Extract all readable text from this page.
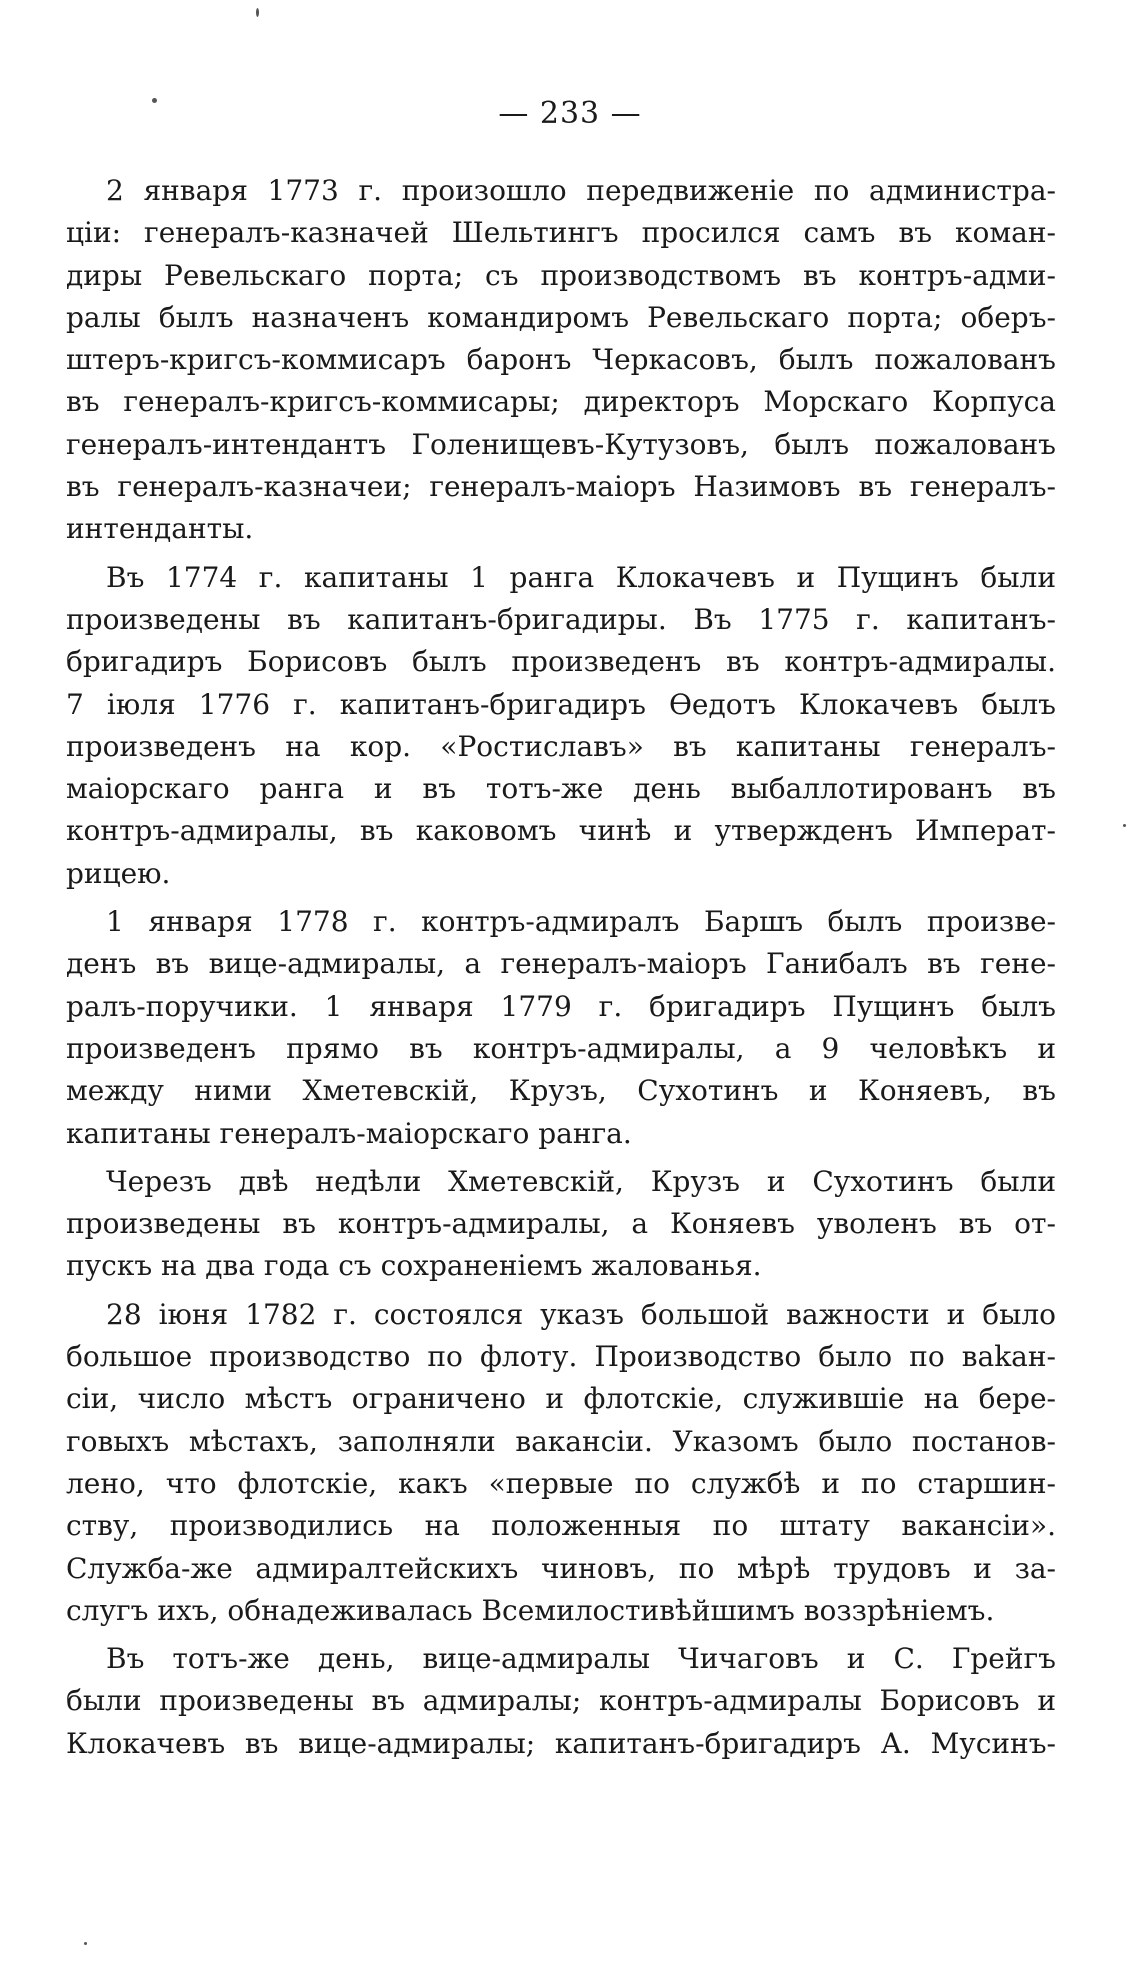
— 233 —
2 января 1773 г. произошло передвиженіе по администра-
ціи: генералъ-казначей Шельтингъ просился самъ въ коман-
диры Ревельскаго порта; съ производствомъ въ контръ-адми-
ралы былъ назначенъ командиромъ Ревельскаго порта; оберъ-
штеръ-кригсъ-коммисаръ баронъ Черкасовъ, былъ пожалованъ
въ генералъ-кригсъ-коммисары; директоръ Морскаго Корпуса
генералъ-интендантъ Голенищевъ-Кутузовъ, былъ пожалованъ
въ генералъ-казначеи; генералъ-маіоръ Назимовъ въ генералъ-
интенданты.
Въ 1774 г. капитаны 1 ранга Клокачевъ и Пущинъ были
произведены въ капитанъ-бригадиры. Въ 1775 г. капитанъ-
бригадиръ Борисовъ былъ произведенъ въ контръ-адмиралы.
7 іюля 1776 г. капитанъ-бригадиръ Өедотъ Клокачевъ былъ
произведенъ на кор. «Ростиславъ» въ капитаны генералъ-
маіорскаго ранга и въ тотъ-же день выбаллотированъ въ
контръ-адмиралы, въ каковомъ чинѣ и утвержденъ Императ-
рицею.
1 января 1778 г. контръ-адмиралъ Баршъ былъ произве-
денъ въ вице-адмиралы, а генералъ-маіоръ Ганибалъ въ гене-
ралъ-поручики. 1 января 1779 г. бригадиръ Пущинъ былъ
произведенъ прямо въ контръ-адмиралы, а 9 человѣкъ и
между ними Хметевскій, Крузъ, Сухотинъ и Коняевъ, въ
капитаны генералъ-маіорскаго ранга.
Черезъ двѣ недѣли Хметевскій, Крузъ и Сухотинъ были
произведены въ контръ-адмиралы, а Коняевъ уволенъ въ от-
пускъ на два года съ сохраненіемъ жалованья.
28 іюня 1782 г. состоялся указъ большой важности и было
большое производство по флоту. Производство было по ваkан-
сіи, число мѣстъ ограничено и флотскіе, служившіе на бере-
говыхъ мѣстахъ, заполняли вакансіи. Указомъ было постанов-
лено, что флотскіе, какъ «первые по службѣ и по старшин-
ству, производились на положенныя по штату вакансіи».
Служба-же адмиралтейскихъ чиновъ, по мѣрѣ трудовъ и за-
слугъ ихъ, обнадеживалась Всемилостивѣйшимъ воззрѣніемъ.
Въ тотъ-же день, вице-адмиралы Чичаговъ и С. Грейгъ
были произведены въ адмиралы; контръ-адмиралы Борисовъ и
Клокачевъ въ вице-адмиралы; капитанъ-бригадиръ А. Мусинъ-
